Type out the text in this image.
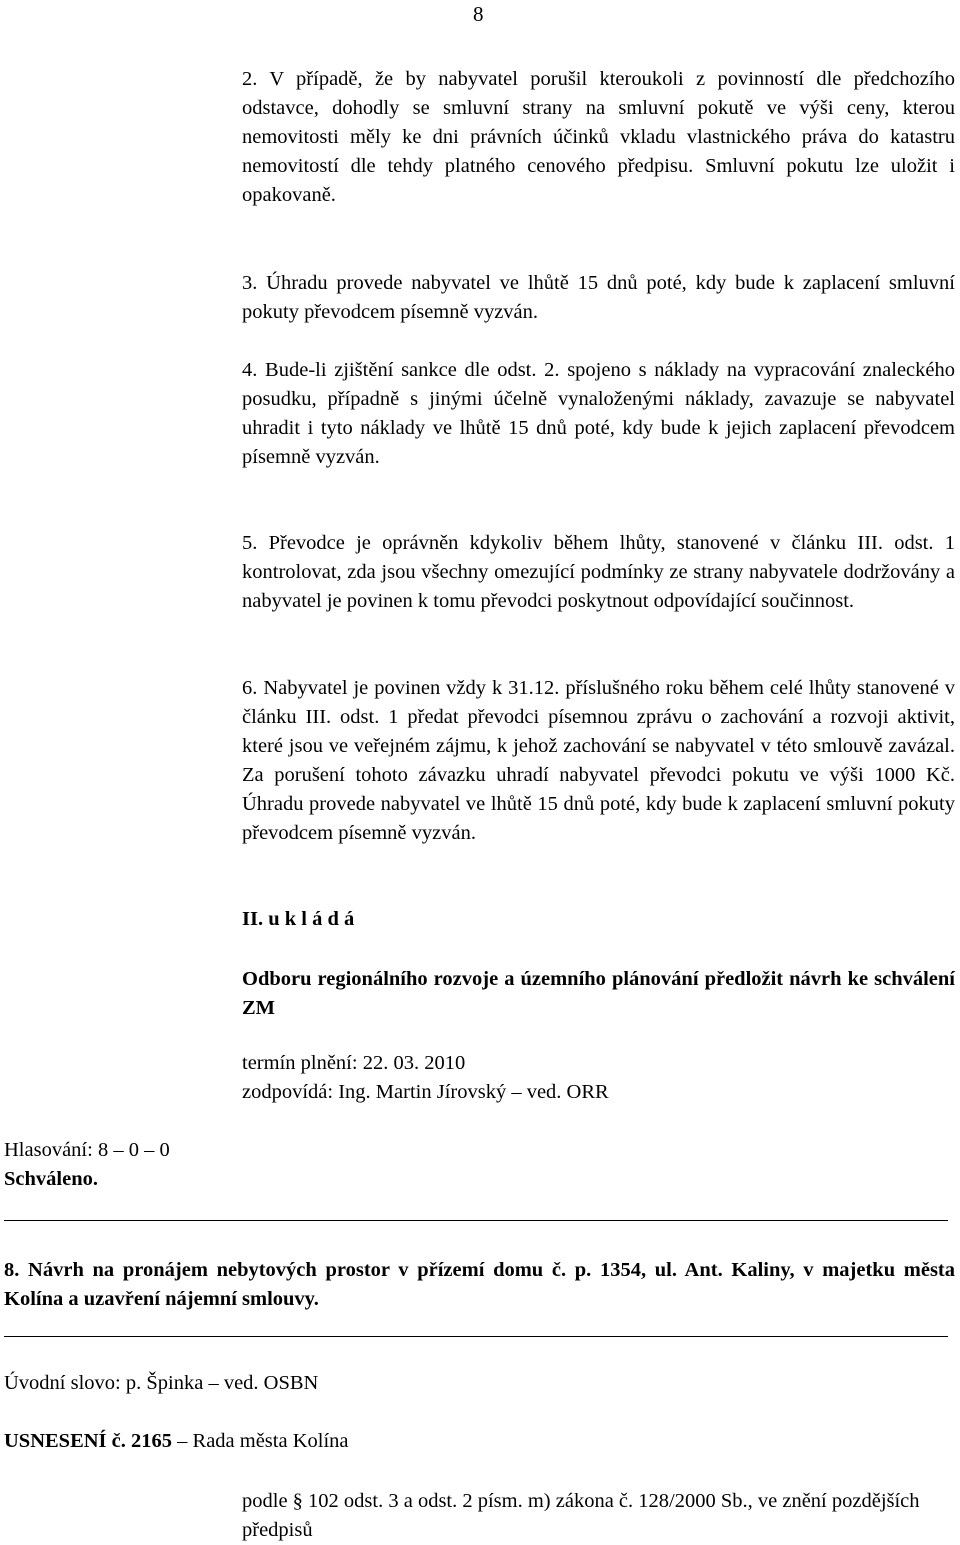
8

2. V případě, že by nabyvatel porušil kteroukoli z povinností dle předchozího odstavce, dohodly se smluvní strany na smluvní pokutě ve výši ceny, kterou nemovitosti měly ke dni právních účinků vkladu vlastnického práva do katastru nemovitostí dle tehdy platného cenového předpisu. Smluvní pokutu lze uložit i opakovaně.

3. Úhradu provede nabyvatel ve lhůtě 15 dnů poté, kdy bude k zaplacení smluvní pokuty převodcem písemně vyzván.

4. Bude-li zjištění sankce dle odst. 2. spojeno s náklady na vypracování znaleckého posudku, případně s jinými účelně vynaloženými náklady, zavazuje se nabyvatel uhradit i tyto náklady ve lhůtě 15 dnů poté, kdy bude k jejich zaplacení převodcem písemně vyzván.

5. Převodce je oprávněn kdykoliv během lhůty, stanovené v článku III. odst. 1 kontrolovat, zda jsou všechny omezující podmínky ze strany nabyvatele dodržovány a nabyvatel je povinen k tomu převodci poskytnout odpovídající součinnost.

6. Nabyvatel je povinen vždy k 31.12. příslušného roku během celé lhůty stanovené v článku III. odst. 1 předat převodci písemnou zprávu o zachování a rozvoji aktivit, které jsou ve veřejném zájmu, k jehož zachování se nabyvatel v této smlouvě zavázal. Za porušení tohoto závazku uhradí nabyvatel převodci pokutu ve výši 1000 Kč. Úhradu provede nabyvatel ve lhůtě 15 dnů poté, kdy bude k zaplacení smluvní pokuty převodcem písemně vyzván.

II. u k l á d á

Odboru regionálního rozvoje a územního plánování předložit návrh ke schválení ZM

termín plnění: 22. 03. 2010
zodpovídá: Ing. Martin Jírovský – ved. ORR
Hlasování: 8 – 0 – 0
Schváleno.
8. Návrh na pronájem nebytových prostor v přízemí domu č. p. 1354, ul. Ant. Kaliny, v majetku města Kolína a uzavření nájemní smlouvy.
Úvodní slovo: p. Špinka – ved. OSBN
USNESENÍ č. 2165 – Rada města Kolína

podle § 102 odst. 3 a odst. 2 písm. m) zákona č. 128/2000 Sb., ve znění pozdějších předpisů
